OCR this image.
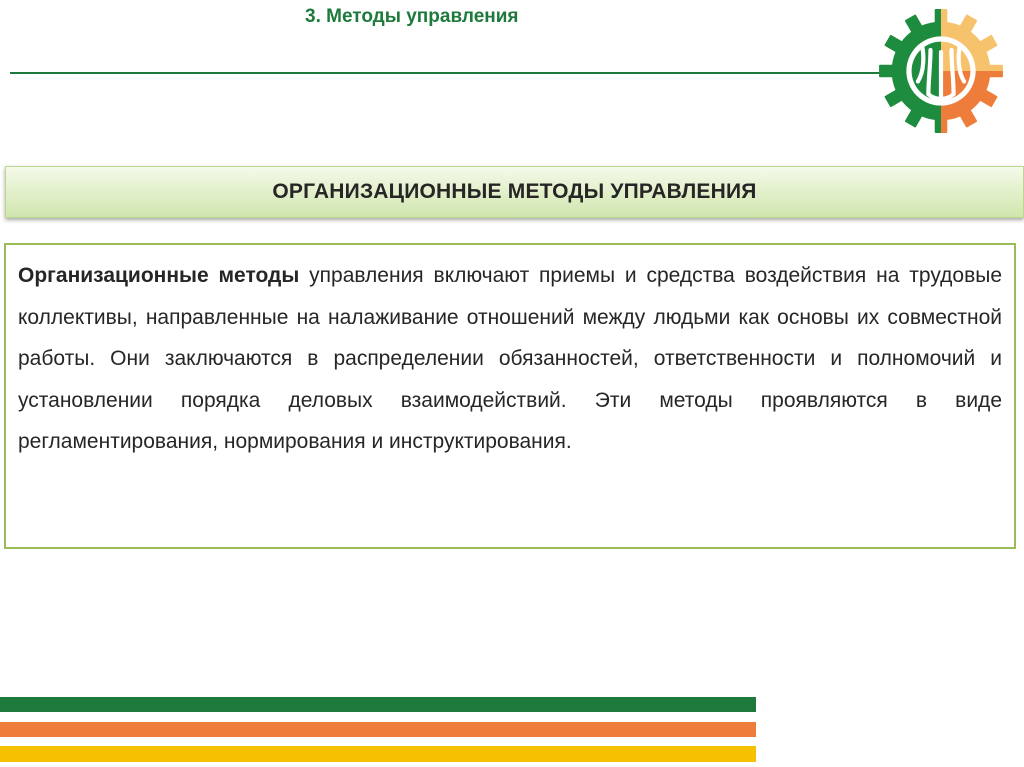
3. Методы управления
ОРГАНИЗАЦИОННЫЕ МЕТОДЫ УПРАВЛЕНИЯ

Организационные методы управления включают приемы и средства воздействия на трудовые коллективы, направленные на налаживание отношений между людьми как основы их совместной работы. Они заключаются в распределении обязанностей, ответственности и полномочий и установлении порядка деловых взаимодействий. Эти методы проявляются в виде регламентирования, нормирования и инструктирования.
